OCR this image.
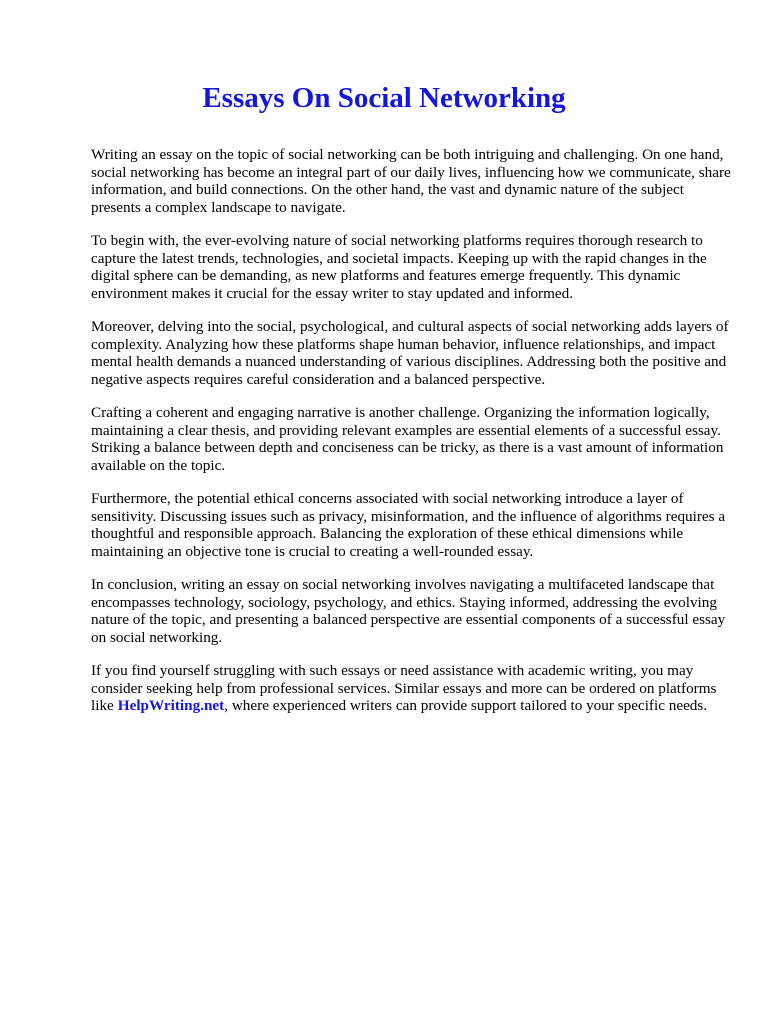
Essays On Social Networking

Writing an essay on the topic of social networking can be both intriguing and challenging. On one hand, social networking has become an integral part of our daily lives, influencing how we communicate, share information, and build connections. On the other hand, the vast and dynamic nature of the subject presents a complex landscape to navigate.

To begin with, the ever-evolving nature of social networking platforms requires thorough research to capture the latest trends, technologies, and societal impacts. Keeping up with the rapid changes in the digital sphere can be demanding, as new platforms and features emerge frequently. This dynamic environment makes it crucial for the essay writer to stay updated and informed.

Moreover, delving into the social, psychological, and cultural aspects of social networking adds layers of complexity. Analyzing how these platforms shape human behavior, influence relationships, and impact mental health demands a nuanced understanding of various disciplines. Addressing both the positive and negative aspects requires careful consideration and a balanced perspective.

Crafting a coherent and engaging narrative is another challenge. Organizing the information logically, maintaining a clear thesis, and providing relevant examples are essential elements of a successful essay. Striking a balance between depth and conciseness can be tricky, as there is a vast amount of information available on the topic.

Furthermore, the potential ethical concerns associated with social networking introduce a layer of sensitivity. Discussing issues such as privacy, misinformation, and the influence of algorithms requires a thoughtful and responsible approach. Balancing the exploration of these ethical dimensions while maintaining an objective tone is crucial to creating a well-rounded essay.

In conclusion, writing an essay on social networking involves navigating a multifaceted landscape that encompasses technology, sociology, psychology, and ethics. Staying informed, addressing the evolving nature of the topic, and presenting a balanced perspective are essential components of a successful essay on social networking.

If you find yourself struggling with such essays or need assistance with academic writing, you may consider seeking help from professional services. Similar essays and more can be ordered on platforms like HelpWriting.net, where experienced writers can provide support tailored to your specific needs.
